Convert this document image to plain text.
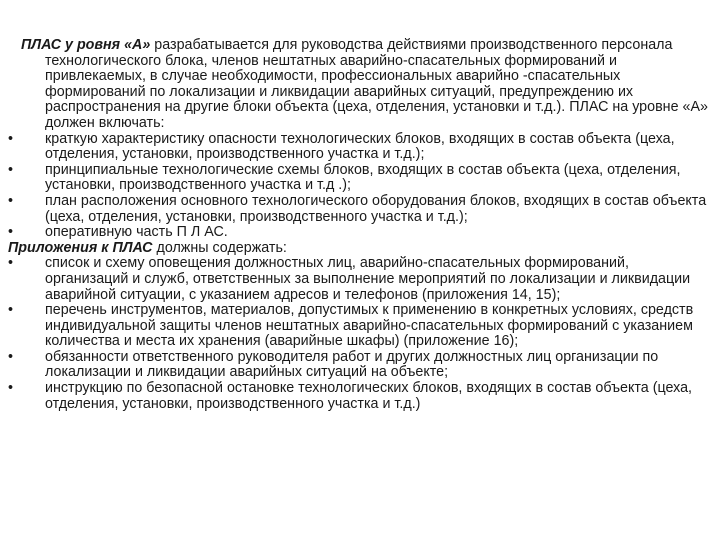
ПЛАС у ровня «А» разрабатывается для руководства действиями производственного персонала технологического блока, членов нештатных аварийно-спасательных формирований и привлекаемых, в случае необходимости, профессиональных аварийно -спасательных формирований по локализации и ликвидации аварийных ситуаций, предупреждению их распространения на другие блоки объекта (цеха, отделения, установки и т.д.). ПЛАС на уровне «А» должен включать:

• краткую характеристику опасности технологических блоков, входящих в состав объекта (цеха, отделения, установки, производственного участка и т.д.);

• принципиальные технологические схемы блоков, входящих в состав объекта (цеха, отделения, установки, производственного участка и т.д .);

• план расположения основного технологического оборудования блоков, входящих в состав объекта (цеха, отделения, установки, производственного участка и т.д.);

• оперативную часть П Л АС.

Приложения к ПЛАС должны содержать:

• список и схему оповещения должностных лиц, аварийно-спасательных формирований, организаций и служб, ответственных за выполнение мероприятий по локализации и ликвидации аварийной ситуации, с указанием адресов и телефонов (приложения 14, 15);

• перечень инструментов, материалов, допустимых к применению в конкретных условиях, средств индивидуальной защиты членов нештатных аварийно-спасательных формирований с указанием количества и места их хранения (аварийные шкафы) (приложение 16);

• обязанности ответственного руководителя работ и других должностных лиц организации по локализации и ликвидации аварийных ситуаций на объекте;

• инструкцию по безопасной остановке технологических блоков, входящих в состав объекта (цеха, отделения, установки, производственного участка и т.д.)
